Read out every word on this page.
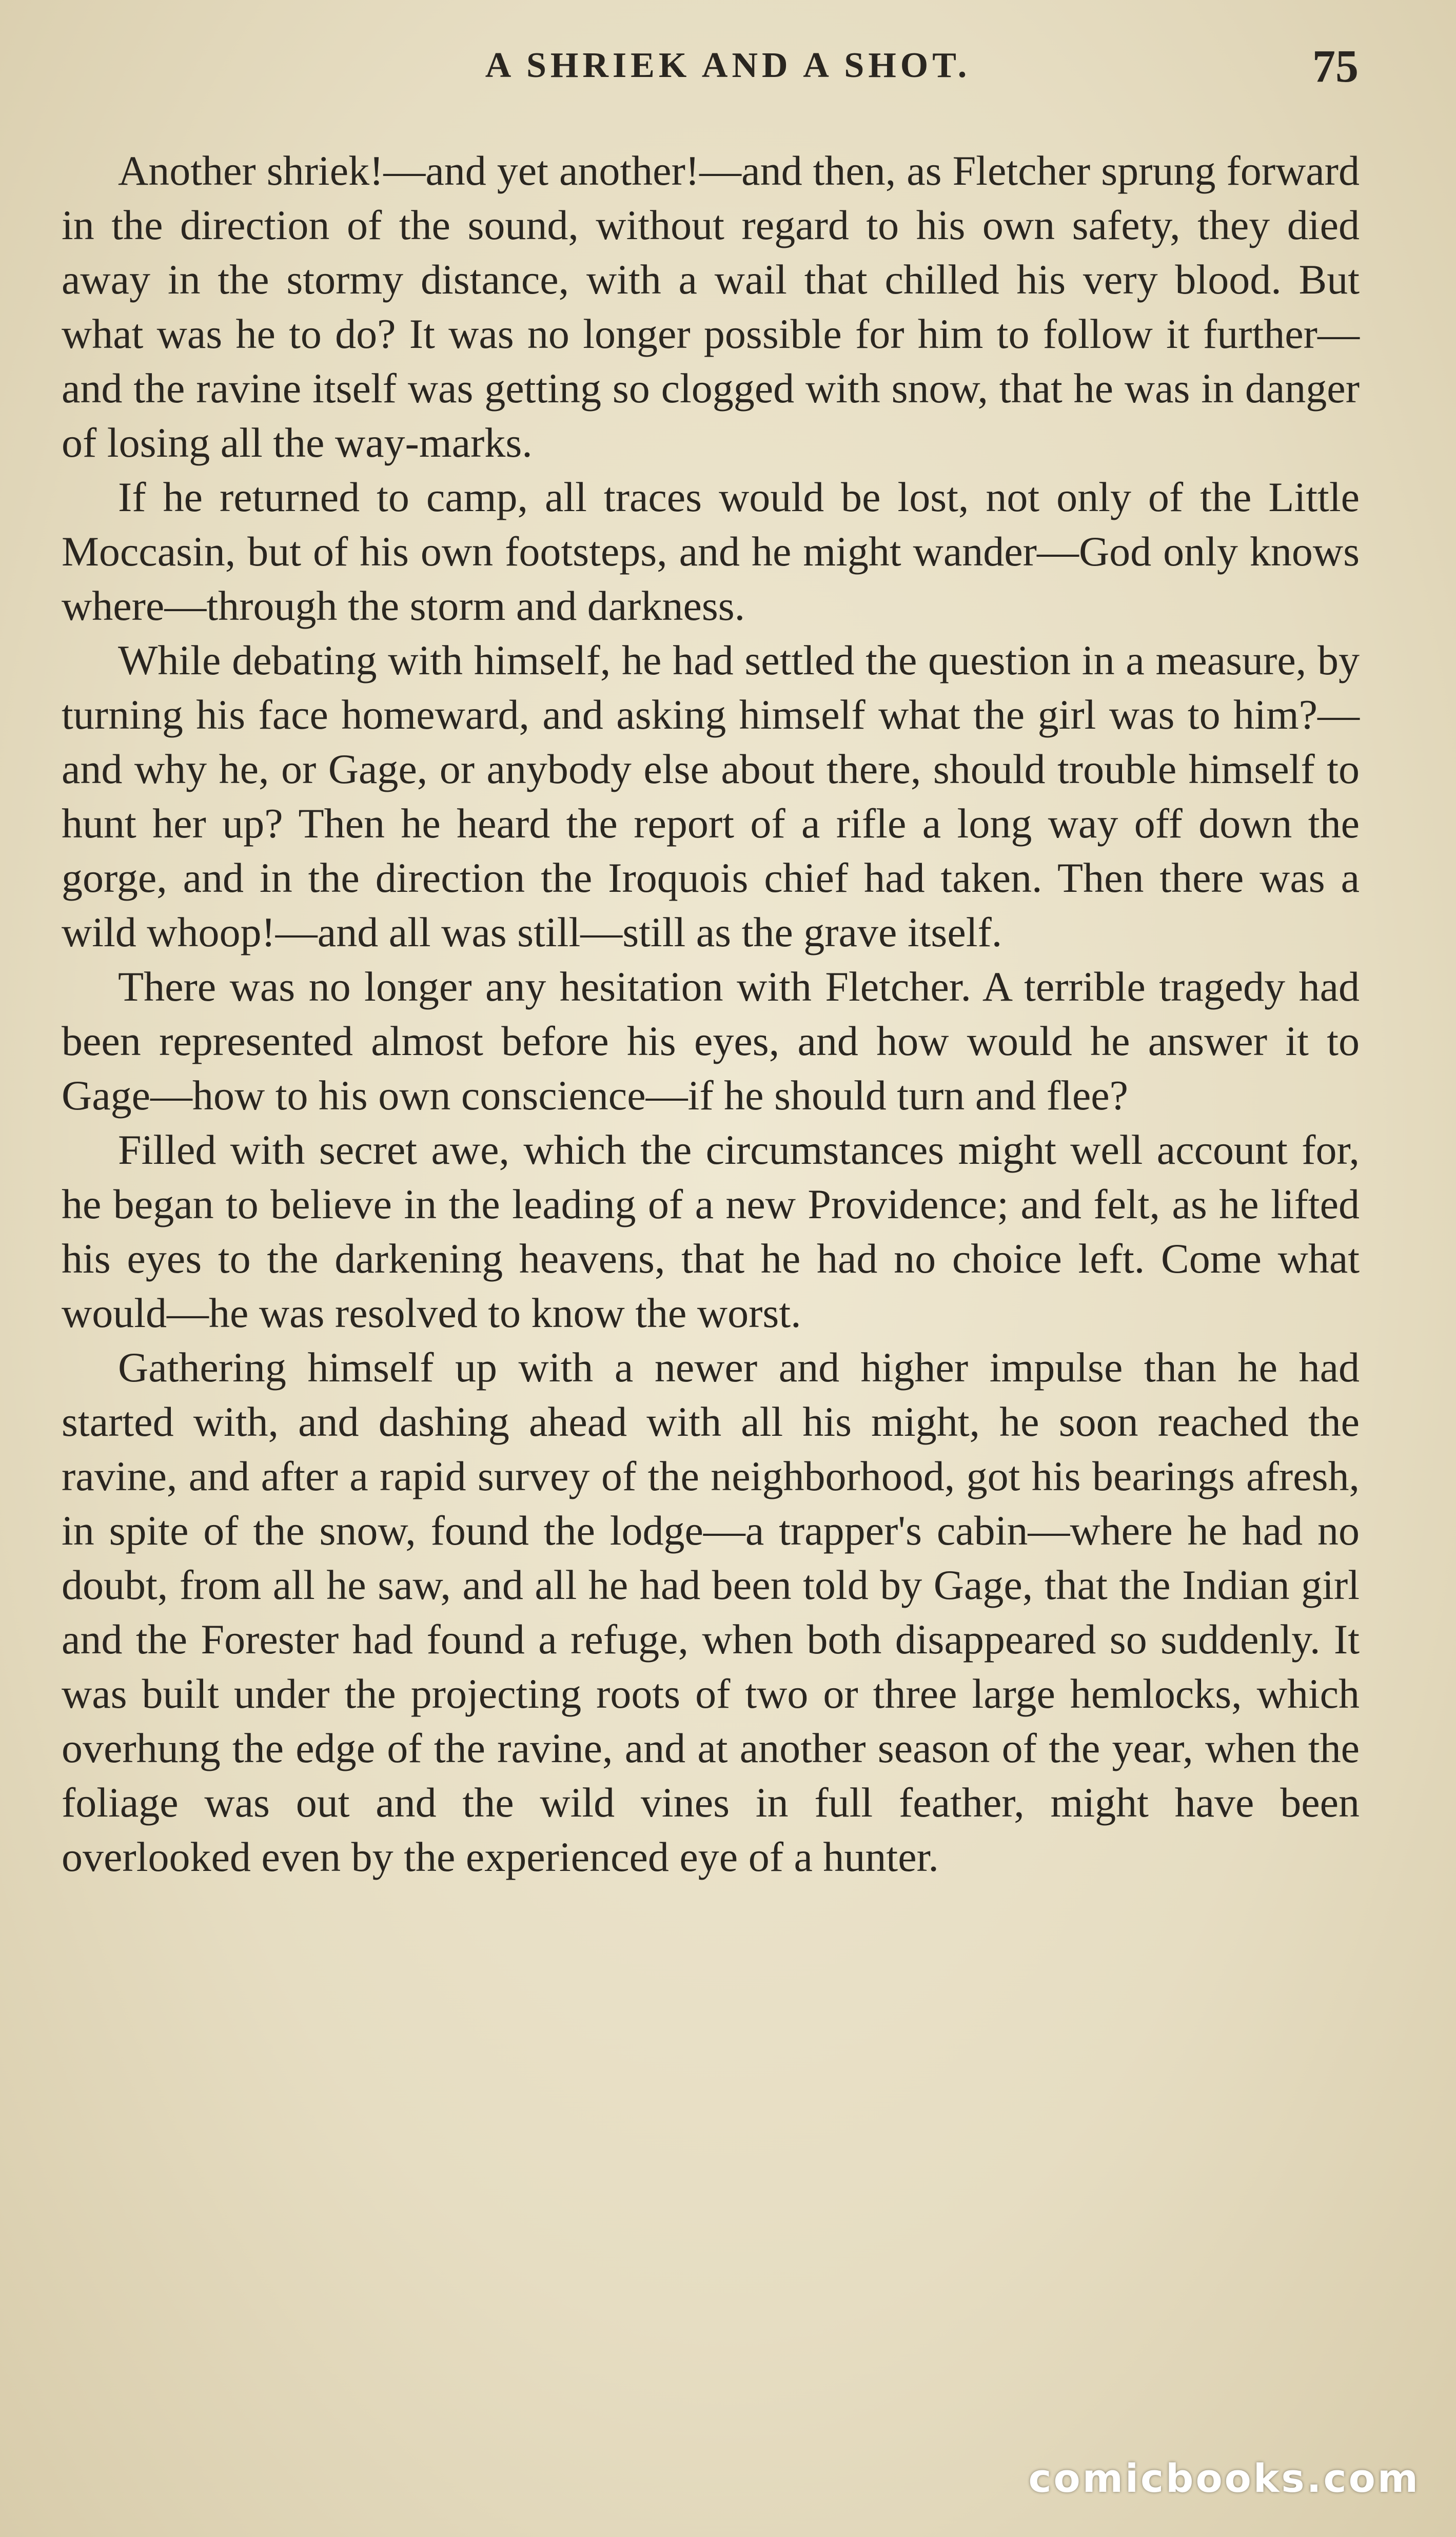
A SHRIEK AND A SHOT.	75

Another shriek!—and yet another!—and then, as Fletcher sprung forward in the direction of the sound, without regard to his own safety, they died away in the stormy distance, with a wail that chilled his very blood. But what was he to do? It was no longer possible for him to follow it further—and the ravine itself was getting so clogged with snow, that he was in danger of losing all the way-marks.

If he returned to camp, all traces would be lost, not only of the Little Moccasin, but of his own footsteps, and he might wander—God only knows where—through the storm and darkness.

While debating with himself, he had settled the question in a measure, by turning his face homeward, and asking himself what the girl was to him?—and why he, or Gage, or anybody else about there, should trouble himself to hunt her up? Then he heard the report of a rifle a long way off down the gorge, and in the direction the Iroquois chief had taken. Then there was a wild whoop!—and all was still—still as the grave itself.

There was no longer any hesitation with Fletcher. A terrible tragedy had been represented almost before his eyes, and how would he answer it to Gage—how to his own conscience—if he should turn and flee?

Filled with secret awe, which the circumstances might well account for, he began to believe in the leading of a new Providence; and felt, as he lifted his eyes to the darkening heavens, that he had no choice left. Come what would—he was resolved to know the worst.

Gathering himself up with a newer and higher impulse than he had started with, and dashing ahead with all his might, he soon reached the ravine, and after a rapid survey of the neighborhood, got his bearings afresh, in spite of the snow, found the lodge—a trapper's cabin—where he had no doubt, from all he saw, and all he had been told by Gage, that the Indian girl and the Forester had found a refuge, when both disappeared so suddenly. It was built under the projecting roots of two or three large hemlocks, which overhung the edge of the ravine, and at another season of the year, when the foliage was out and the wild vines in full feather, might have been overlooked even by the experienced eye of a hunter.

comicbooks.com
